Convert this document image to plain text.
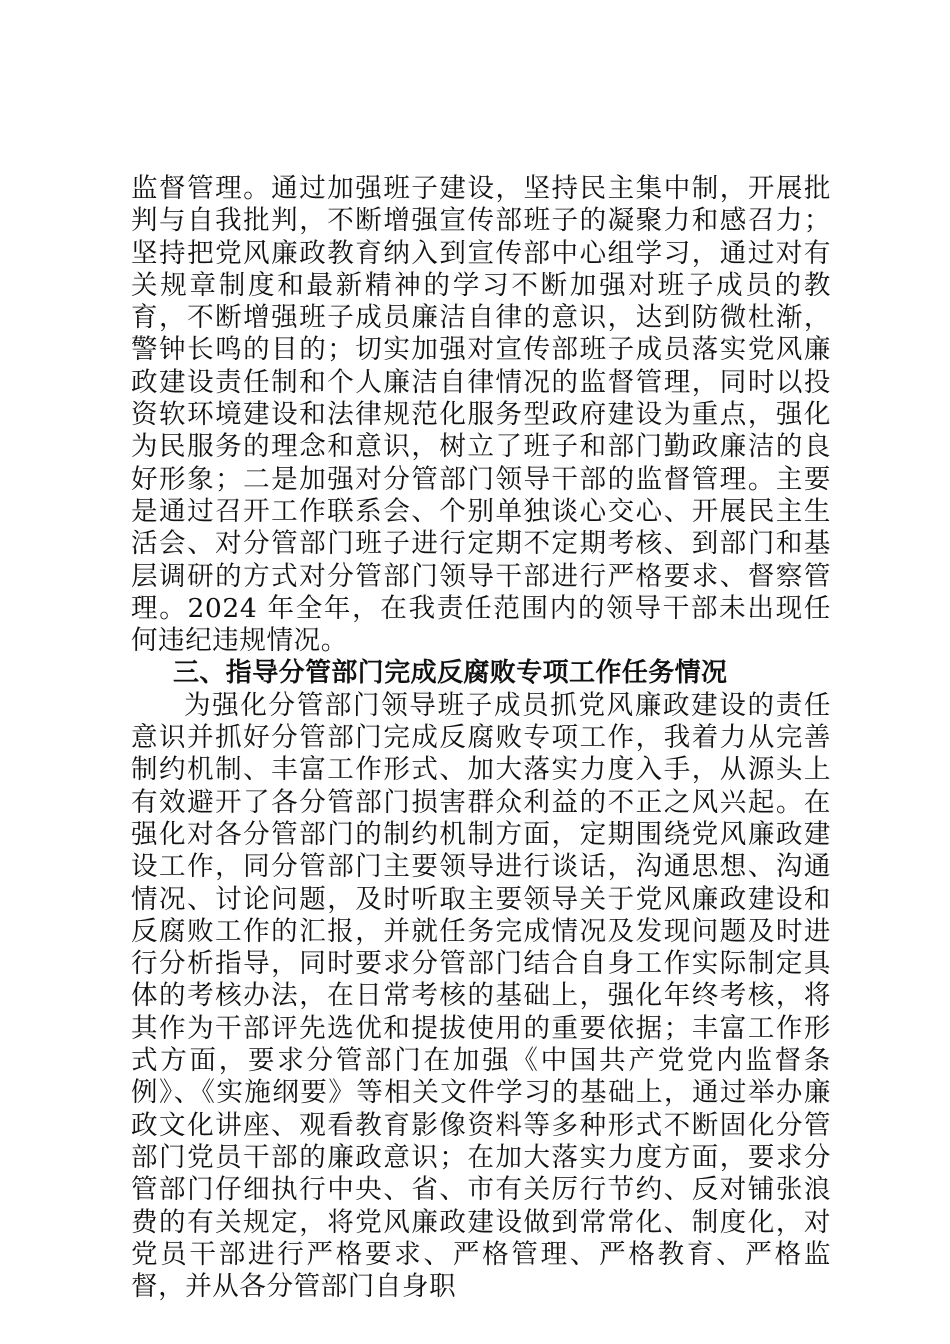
监督管理。通过加强班子建设，坚持民主集中制，开展批判与自我批判，不断增强宣传部班子的凝聚力和感召力；坚持把党风廉政教育纳入到宣传部中心组学习，通过对有关规章制度和最新精神的学习不断加强对班子成员的教育，不断增强班子成员廉洁自律的意识，达到防微杜渐，警钟长鸣的目的；切实加强对宣传部班子成员落实党风廉政建设责任制和个人廉洁自律情况的监督管理，同时以投资软环境建设和法律规范化服务型政府建设为重点，强化为民服务的理念和意识，树立了班子和部门勤政廉洁的良好形象；二是加强对分管部门领导干部的监督管理。主要是通过召开工作联系会、个别单独谈心交心、开展民主生活会、对分管部门班子进行定期不定期考核、到部门和基层调研的方式对分管部门领导干部进行严格要求、督察管理。2024 年全年，在我责任范围内的领导干部未出现任何违纪违规情况。

三、指导分管部门完成反腐败专项工作任务情况

为强化分管部门领导班子成员抓党风廉政建设的责任意识并抓好分管部门完成反腐败专项工作，我着力从完善制约机制、丰富工作形式、加大落实力度入手，从源头上有效避开了各分管部门损害群众利益的不正之风兴起。在强化对各分管部门的制约机制方面，定期围绕党风廉政建设工作，同分管部门主要领导进行谈话，沟通思想、沟通情况、讨论问题，及时听取主要领导关于党风廉政建设和反腐败工作的汇报，并就任务完成情况及发现问题及时进行分析指导，同时要求分管部门结合自身工作实际制定具体的考核办法，在日常考核的基础上，强化年终考核，将其作为干部评先选优和提拔使用的重要依据；丰富工作形式方面，要求分管部门在加强《中国共产党党内监督条例》、《实施纲要》等相关文件学习的基础上，通过举办廉政文化讲座、观看教育影像资料等多种形式不断固化分管部门党员干部的廉政意识；在加大落实力度方面，要求分管部门仔细执行中央、省、市有关厉行节约、反对铺张浪费的有关规定，将党风廉政建设做到常常化、制度化，对党员干部进行严格要求、严格管理、严格教育、严格监督，并从各分管部门自身职
